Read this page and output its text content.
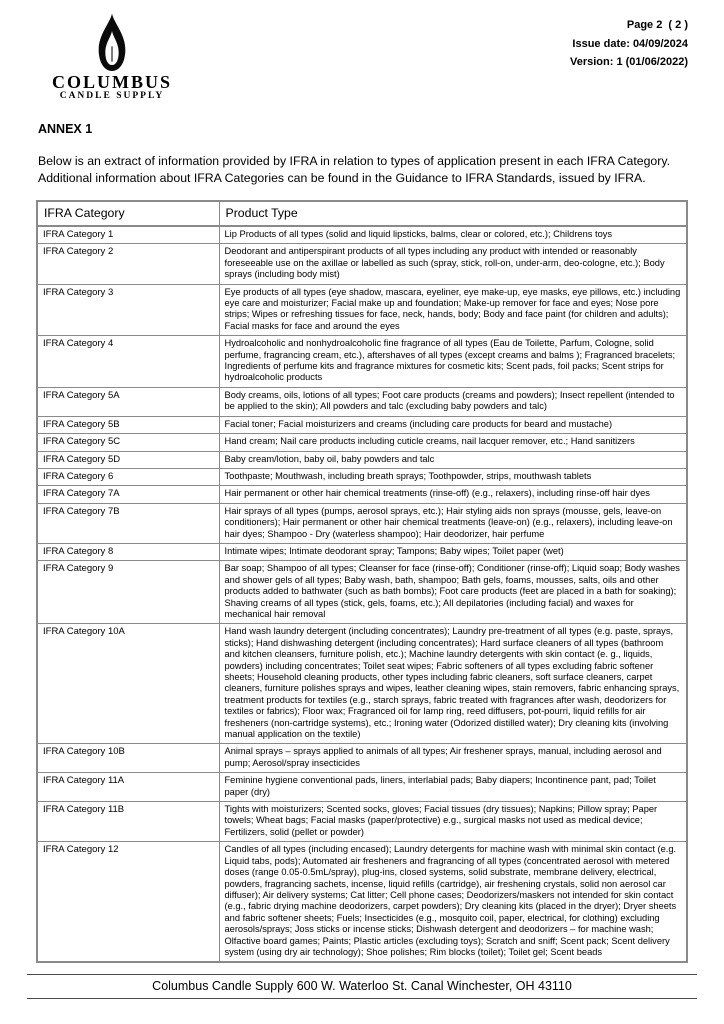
COLUMBUS
CANDLE SUPPLY
Page 2  ( 2 )
Issue date: 04/09/2024
Version: 1 (01/06/2022)
ANNEX 1

Below is an extract of information provided by IFRA in relation to types of application present in each IFRA Category. Additional information about IFRA Categories can be found in the Guidance to IFRA Standards, issued by IFRA.

IFRA Category	Product Type
IFRA Category 1	Lip Products of all types (solid and liquid lipsticks, balms, clear or colored, etc.); Childrens toys
IFRA Category 2	Deodorant and antiperspirant products of all types including any product with intended or reasonably foreseeable use on the axillae or labelled as such (spray, stick, roll-on, under-arm, deo-cologne, etc.); Body sprays (including body mist)
IFRA Category 3	Eye products of all types (eye shadow, mascara, eyeliner, eye make-up, eye masks, eye pillows, etc.) including eye care and moisturizer; Facial make up and foundation; Make-up remover for face and eyes; Nose pore strips; Wipes or refreshing tissues for face, neck, hands, body; Body and face paint (for children and adults); Facial masks for face and around the eyes
IFRA Category 4	Hydroalcoholic and nonhydroalcoholic fine fragrance of all types (Eau de Toilette, Parfum, Cologne, solid perfume, fragrancing cream, etc.), aftershaves of all types (except creams and balms ); Fragranced bracelets; Ingredients of perfume kits and fragrance mixtures for cosmetic kits; Scent pads, foil packs; Scent strips for hydroalcoholic products
IFRA Category 5A	Body creams, oils, lotions of all types; Foot care products (creams and powders); Insect repellent (intended to be applied to the skin); All powders and talc (excluding baby powders and talc)
IFRA Category 5B	Facial toner; Facial moisturizers and creams (including care products for beard and mustache)
IFRA Category 5C	Hand cream; Nail care products including cuticle creams, nail lacquer remover, etc.; Hand sanitizers
IFRA Category 5D	Baby cream/lotion, baby oil, baby powders and talc
IFRA Category 6	Toothpaste; Mouthwash, including breath sprays; Toothpowder, strips, mouthwash tablets
IFRA Category 7A	Hair permanent or other hair chemical treatments (rinse-off) (e.g., relaxers), including rinse-off hair dyes
IFRA Category 7B	Hair sprays of all types (pumps, aerosol sprays, etc.); Hair styling aids non sprays (mousse, gels, leave-on conditioners); Hair permanent or other hair chemical treatments (leave-on) (e.g., relaxers), including leave-on hair dyes; Shampoo - Dry (waterless shampoo); Hair deodorizer, hair perfume
IFRA Category 8	Intimate wipes; Intimate deodorant spray; Tampons; Baby wipes; Toilet paper (wet)
IFRA Category 9	Bar soap; Shampoo of all types; Cleanser for face (rinse-off); Conditioner (rinse-off); Liquid soap; Body washes and shower gels of all types; Baby wash, bath, shampoo; Bath gels, foams, mousses, salts, oils and other products added to bathwater (such as bath bombs); Foot care products (feet are placed in a bath for soaking); Shaving creams of all types (stick, gels, foams, etc.); All depilatories (including facial) and waxes for mechanical hair removal
IFRA Category 10A	Hand wash laundry detergent (including concentrates); Laundry pre-treatment of all types (e.g. paste, sprays, sticks); Hand dishwashing detergent (including concentrates); Hard surface cleaners of all types (bathroom and kitchen cleansers, furniture polish, etc.); Machine laundry detergents with skin contact (e. g., liquids, powders) including concentrates; Toilet seat wipes; Fabric softeners of all types excluding fabric softener sheets; Household cleaning products, other types including fabric cleaners, soft surface cleaners, carpet cleaners, furniture polishes sprays and wipes, leather cleaning wipes, stain removers, fabric enhancing sprays, treatment products for textiles (e.g., starch sprays, fabric treated with fragrances after wash, deodorizers for textiles or fabrics); Floor wax; Fragranced oil for lamp ring, reed diffusers, pot-pourri, liquid refills for air fresheners (non-cartridge systems), etc.; Ironing water (Odorized distilled water); Dry cleaning kits (involving manual application on the textile)
IFRA Category 10B	Animal sprays – sprays applied to animals of all types; Air freshener sprays, manual, including aerosol and pump; Aerosol/spray insecticides
IFRA Category 11A	Feminine hygiene conventional pads, liners, interlabial pads; Baby diapers; Incontinence pant, pad; Toilet paper (dry)
IFRA Category 11B	Tights with moisturizers; Scented socks, gloves; Facial tissues (dry tissues); Napkins; Pillow spray; Paper towels; Wheat bags; Facial masks (paper/protective) e.g., surgical masks not used as medical device; Fertilizers, solid (pellet or powder)
IFRA Category 12	Candles of all types (including encased); Laundry detergents for machine wash with minimal skin contact (e.g. Liquid tabs, pods); Automated air fresheners and fragrancing of all types (concentrated aerosol with metered doses (range 0.05-0.5mL/spray), plug-ins, closed systems, solid substrate, membrane delivery, electrical, powders, fragrancing sachets, incense, liquid refills (cartridge), air freshening crystals, solid non aerosol car diffuser); Air delivery systems; Cat litter; Cell phone cases; Deodorizers/maskers not intended for skin contact (e.g., fabric drying machine deodorizers, carpet powders); Dry cleaning kits (placed in the dryer); Dryer sheets and fabric softener sheets; Fuels; Insecticides (e.g., mosquito coil, paper, electrical, for clothing) excluding aerosols/sprays; Joss sticks or incense sticks; Dishwash detergent and deodorizers – for machine wash; Olfactive board games; Paints; Plastic articles (excluding toys); Scratch and sniff; Scent pack; Scent delivery system (using dry air technology); Shoe polishes; Rim blocks (toilet); Toilet gel; Scent beads
Columbus Candle Supply 600 W. Waterloo St. Canal Winchester, OH 43110
